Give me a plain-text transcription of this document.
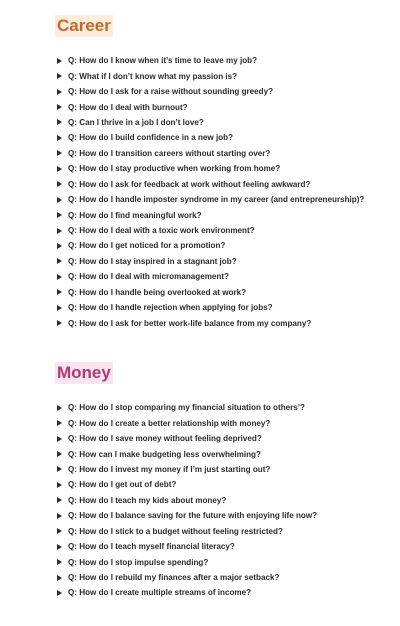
Career
Q: How do I know when it’s time to leave my job?
Q: What if I don’t know what my passion is?
Q: How do I ask for a raise without sounding greedy?
Q: How do I deal with burnout?
Q: Can I thrive in a job I don’t love?
Q: How do I build confidence in a new job?
Q: How do I transition careers without starting over?
Q: How do I stay productive when working from home?
Q: How do I ask for feedback at work without feeling awkward?
Q: How do I handle imposter syndrome in my career (and entrepreneurship)?
Q: How do I find meaningful work?
Q: How do I deal with a toxic work environment?
Q: How do I get noticed for a promotion?
Q: How do I stay inspired in a stagnant job?
Q: How do I deal with micromanagement?
Q: How do I handle being overlooked at work?
Q: How do I handle rejection when applying for jobs?
Q: How do I ask for better work-life balance from my company?
Money
Q: How do I stop comparing my financial situation to others’?
Q: How do I create a better relationship with money?
Q: How do I save money without feeling deprived?
Q: How can I make budgeting less overwhelming?
Q: How do I invest my money if I’m just starting out?
Q: How do I get out of debt?
Q: How do I teach my kids about money?
Q: How do I balance saving for the future with enjoying life now?
Q: How do I stick to a budget without feeling restricted?
Q: How do I teach myself financial literacy?
Q: How do I stop impulse spending?
Q: How do I rebuild my finances after a major setback?
Q: How do I create multiple streams of income?
